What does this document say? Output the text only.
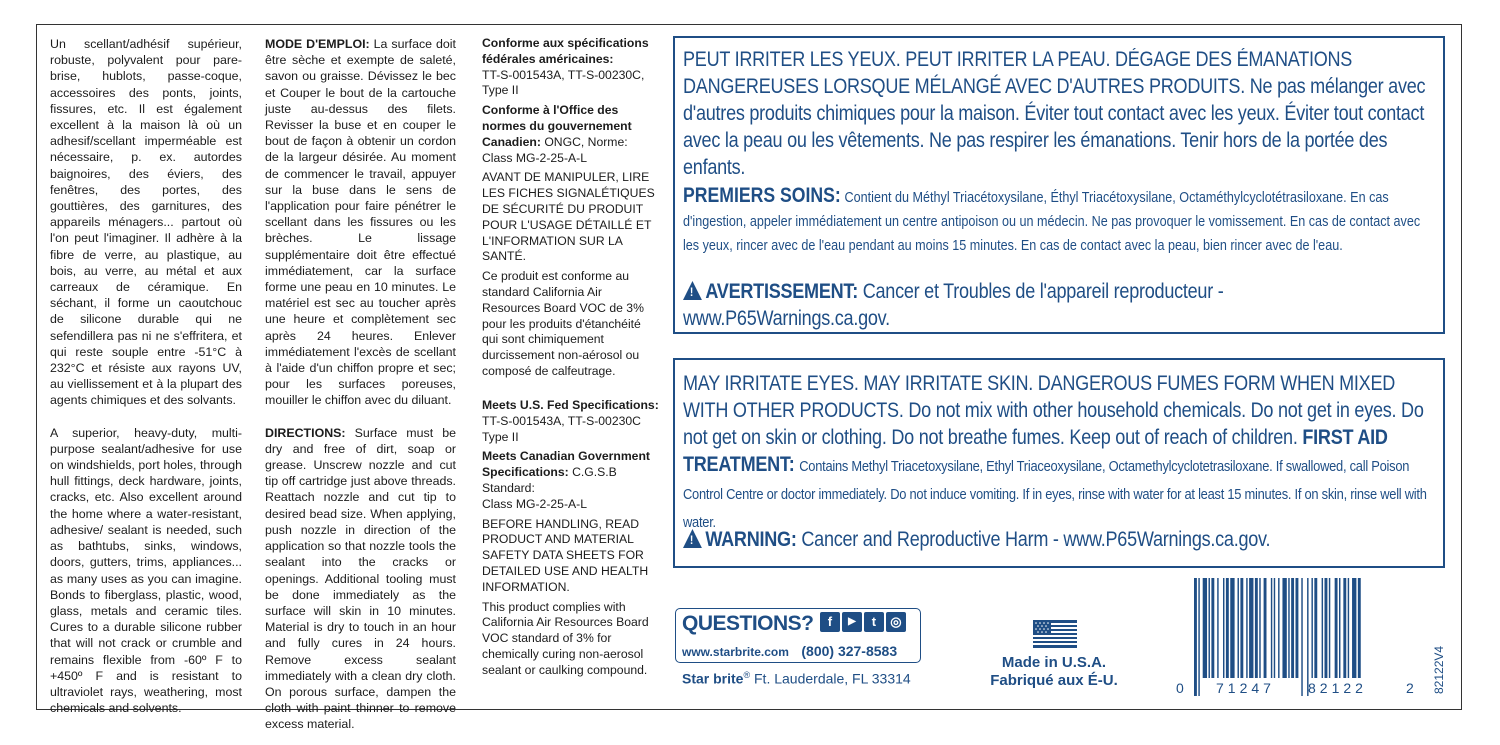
Un scellant/adhésif supérieur, robuste, polyvalent pour pare-brise, hublots, passe-coque, accessoires des ponts, joints, fissures, etc. Il est également excellent à la maison là où un adhesif/scellant imperméable est nécessaire, p. ex. autordes baignoires, des éviers, des fenêtres, des portes, des gouttières, des garnitures, des appareils ménagers... partout où l'on peut l'imaginer. Il adhère à la fibre de verre, au plastique, au bois, au verre, au métal et aux carreaux de céramique. En séchant, il forme un caoutchouc de silicone durable qui ne sefendillera pas ni ne s'effritera, et qui reste souple entre -51°C à 232°C et résiste aux rayons UV, au viellissement et à la plupart des agents chimiques et des solvants.

A superior, heavy-duty, multi-purpose sealant/adhesive for use on windshields, port holes, through hull fittings, deck hardware, joints, cracks, etc. Also excellent around the home where a water-resistant, adhesive/ sealant is needed, such as bathtubs, sinks, windows, doors, gutters, trims, appliances... as many uses as you can imagine. Bonds to fiberglass, plastic, wood, glass, metals and ceramic tiles. Cures to a durable silicone rubber that will not crack or crumble and remains flexible from -60º F to +450º F and is resistant to ultraviolet rays, weathering, most chemicals and solvents.

MODE D'EMPLOI: La surface doit être sèche et exempte de saleté, savon ou graisse. Dévissez le bec et Couper le bout de la cartouche juste au-dessus des filets. Revisser la buse et en couper le bout de façon à obtenir un cordon de la largeur désirée. Au moment de commencer le travail, appuyer sur la buse dans le sens de l'application pour faire pénétrer le scellant dans les fissures ou les brèches. Le lissage supplémentaire doit être effectué immédiatement, car la surface forme une peau en 10 minutes. Le matériel est sec au toucher après une heure et complètement sec après 24 heures. Enlever immédiatement l'excès de scellant à l'aide d'un chiffon propre et sec; pour les surfaces poreuses, mouiller le chiffon avec du diluant.

DIRECTIONS: Surface must be dry and free of dirt, soap or grease. Unscrew nozzle and cut tip off cartridge just above threads. Reattach nozzle and cut tip to desired bead size. When applying, push nozzle in direction of the application so that nozzle tools the sealant into the cracks or openings. Additional tooling must be done immediately as the surface will skin in 10 minutes. Material is dry to touch in an hour and fully cures in 24 hours. Remove excess sealant immediately with a clean dry cloth. On porous surface, dampen the cloth with paint thinner to remove excess material.

Conforme aux spécifications fédérales américaines:
TT-S-001543A, TT-S-00230C, Type II

Conforme à l'Office des normes du gouvernement Canadien: ONGC, Norme: Class MG-2-25-A-L

AVANT DE MANIPULER, LIRE LES FICHES SIGNALÉTIQUES DE SÉCURITÉ DU PRODUIT POUR L'USAGE DÉTAILLÉ ET L'INFORMATION SUR LA SANTÉ.

Ce produit est conforme au standard California Air Resources Board VOC de 3% pour les produits d'étanchéité qui sont chimiquement durcissement non-aérosol ou composé de calfeutrage.

Meets U.S. Fed Specifications:
TT-S-001543A, TT-S-00230C Type II

Meets Canadian Government Specifications: C.G.S.B Standard:
Class MG-2-25-A-L

BEFORE HANDLING, READ PRODUCT AND MATERIAL SAFETY DATA SHEETS FOR DETAILED USE AND HEALTH INFORMATION.

This product complies with California Air Resources Board VOC standard of 3% for chemically curing non-aerosol sealant or caulking compound.

PEUT IRRITER LES YEUX. PEUT IRRITER LA PEAU. DÉGAGE DES ÉMANATIONS DANGEREUSES LORSQUE MÉLANGÉ AVEC D'AUTRES PRODUITS. Ne pas mélanger avec d'autres produits chimiques pour la maison. Éviter tout contact avec les yeux. Éviter tout contact avec la peau ou les vêtements. Ne pas respirer les émanations. Tenir hors de la portée des enfants.
PREMIERS SOINS: Contient du Méthyl Triacétoxysilane, Éthyl Triacétoxysilane, Octaméthylcyclotétrasiloxane. En cas d'ingestion, appeler immédiatement un centre antipoison ou un médecin. Ne pas provoquer le vomissement. En cas de contact avec les yeux, rincer avec de l'eau pendant au moins 15 minutes. En cas de contact avec la peau, bien rincer avec de l'eau.
!AVERTISSEMENT: Cancer et Troubles de l'appareil reproducteur - www.P65Warnings.ca.gov.
MAY IRRITATE EYES. MAY IRRITATE SKIN. DANGEROUS FUMES FORM WHEN MIXED WITH OTHER PRODUCTS. Do not mix with other household chemicals. Do not get in eyes. Do not get on skin or clothing. Do not breathe fumes. Keep out of reach of children. FIRST AID TREATMENT: Contains Methyl Triacetoxysilane, Ethyl Triaceoxysilane, Octamethylcyclotetrasiloxane. If swallowed, call Poison Control Centre or doctor immediately. Do not induce vomiting. If in eyes, rinse with water for at least 15 minutes. If on skin, rinse well with water.
!WARNING: Cancer and Reproductive Harm - www.P65Warnings.ca.gov.
QUESTIONS? f ▶ t ◎
www.starbrite.com (800) 327-8583
Star brite® Ft. Lauderdale, FL 33314
Made in U.S.A.
Fabriqué aux É-U.	0 71247 82122	2 82122V4
